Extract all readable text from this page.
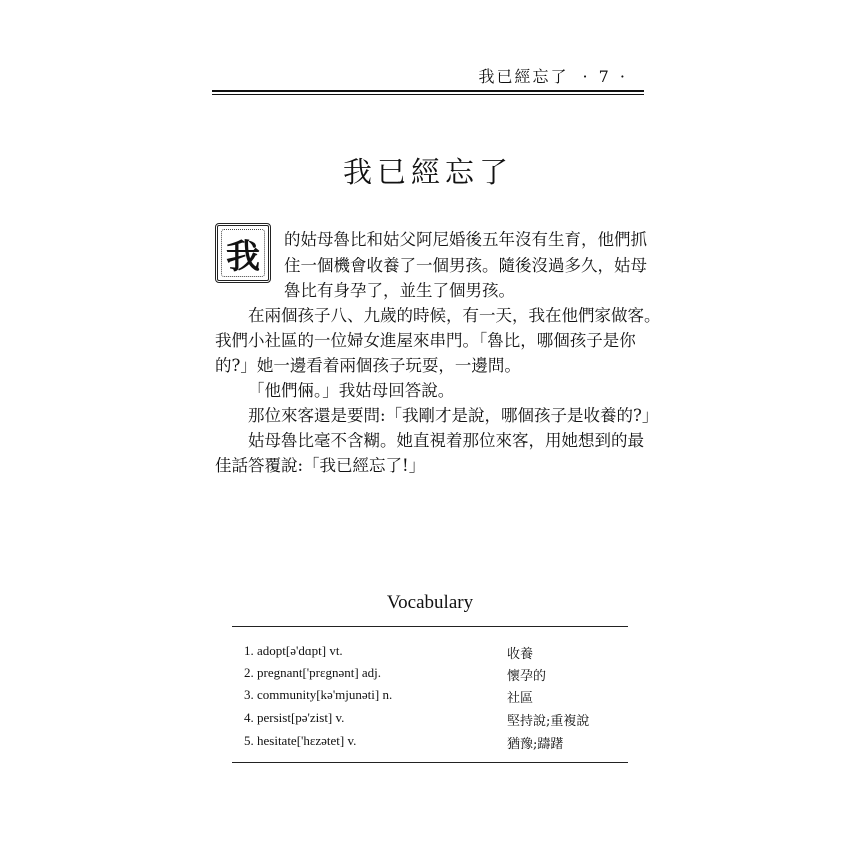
我已經忘了 · 7 ·
我已經忘了
我 的姑母魯比和姑父阿尼婚後五年沒有生育，他們抓
住一個機會收養了一個男孩。隨後沒過多久，姑母
魯比有身孕了，並生了個男孩。
在兩個孩子八、九歲的時候，有一天，我在他們家做客。
我們小社區的一位婦女進屋來串門。「魯比，哪個孩子是你
的?」她一邊看着兩個孩子玩耍，一邊問。
「他們倆。」我姑母回答說。
那位來客還是要問:「我剛才是說，哪個孩子是收養的?」
姑母魯比毫不含糊。她直視着那位來客，用她想到的最
佳話答覆說:「我已經忘了!」
Vocabulary
1. adopt[ə'dɑpt] vt.	收養
2. pregnant['prɛgnənt] adj.	懷孕的
3. community[kə'mjunəti] n.	社區
4. persist[pə'zist] v.	堅持說;重複說
5. hesitate['hɛzətet] v.	猶豫;躊躇
